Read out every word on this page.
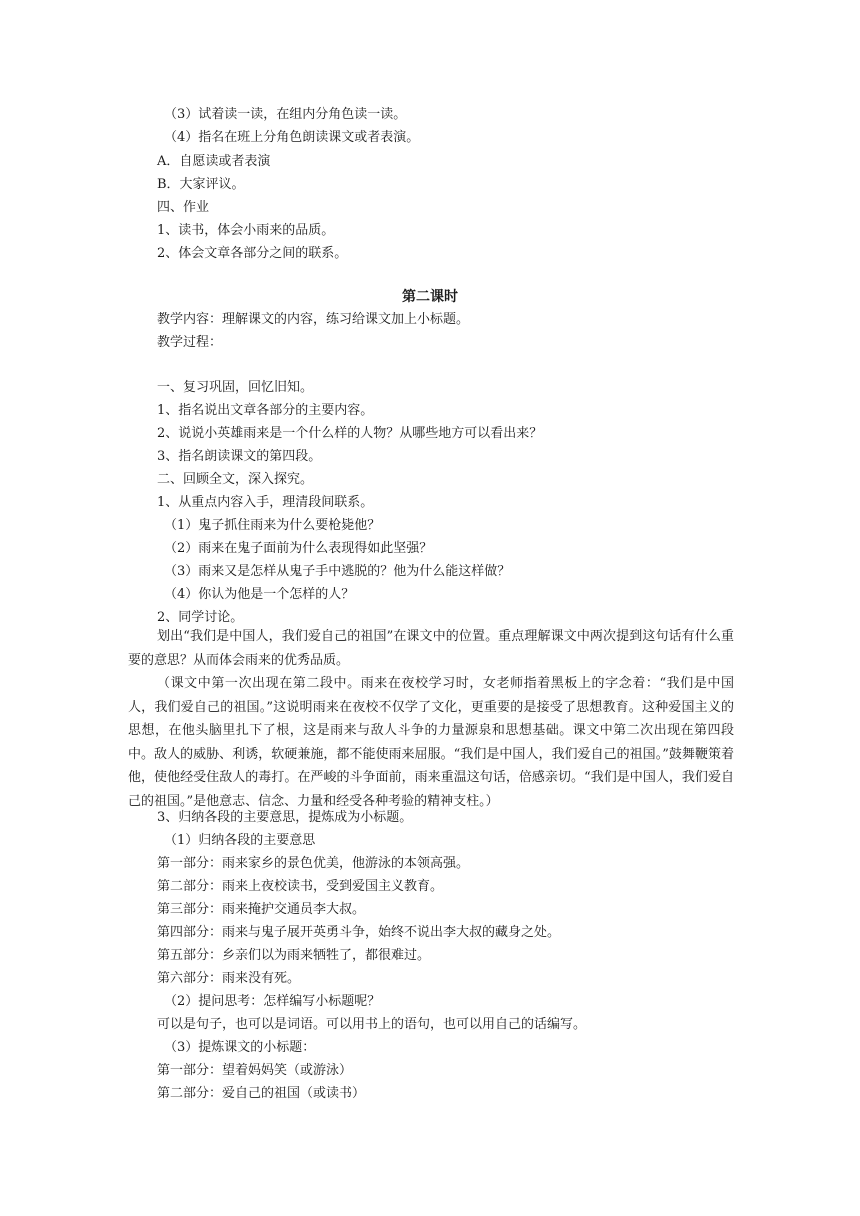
（3）试着读一读，在组内分角色读一读。
（4）指名在班上分角色朗读课文或者表演。
A．自愿读或者表演
B．大家评议。
四、作业
1、读书，体会小雨来的品质。
2、体会文章各部分之间的联系。
第二课时
教学内容：理解课文的内容，练习给课文加上小标题。
教学过程：
一、复习巩固，回忆旧知。
1、指名说出文章各部分的主要内容。
2、说说小英雄雨来是一个什么样的人物？从哪些地方可以看出来？
3、指名朗读课文的第四段。
二、回顾全文，深入探究。
1、从重点内容入手，理清段间联系。
（1）鬼子抓住雨来为什么要枪毙他？
（2）雨来在鬼子面前为什么表现得如此坚强？
（3）雨来又是怎样从鬼子手中逃脱的？他为什么能这样做？
（4）你认为他是一个怎样的人？
2、同学讨论。
划出“我们是中国人，我们爱自己的祖国”在课文中的位置。重点理解课文中两次提到这句话有什么重要的意思？从而体会雨来的优秀品质。
（课文中第一次出现在第二段中。雨来在夜校学习时，女老师指着黑板上的字念着：“我们是中国人，我们爱自己的祖国。”这说明雨来在夜校不仅学了文化，更重要的是接受了思想教育。这种爱国主义的思想，在他头脑里扎下了根，这是雨来与敌人斗争的力量源泉和思想基础。课文中第二次出现在第四段中。敌人的威胁、利诱，软硬兼施，都不能使雨来屈服。“我们是中国人，我们爱自己的祖国。”鼓舞鞭策着他，使他经受住敌人的毒打。在严峻的斗争面前，雨来重温这句话，倍感亲切。“我们是中国人，我们爱自己的祖国。”是他意志、信念、力量和经受各种考验的精神支柱。）
3、归纳各段的主要意思，提炼成为小标题。
（1）归纳各段的主要意思
第一部分：雨来家乡的景色优美，他游泳的本领高强。
第二部分：雨来上夜校读书，受到爱国主义教育。
第三部分：雨来掩护交通员李大叔。
第四部分：雨来与鬼子展开英勇斗争，始终不说出李大叔的藏身之处。
第五部分：乡亲们以为雨来牺牲了，都很难过。
第六部分：雨来没有死。
（2）提问思考：怎样编写小标题呢？
可以是句子，也可以是词语。可以用书上的语句，也可以用自己的话编写。
（3）提炼课文的小标题：
第一部分：望着妈妈笑（或游泳）
第二部分：爱自己的祖国（或读书）
